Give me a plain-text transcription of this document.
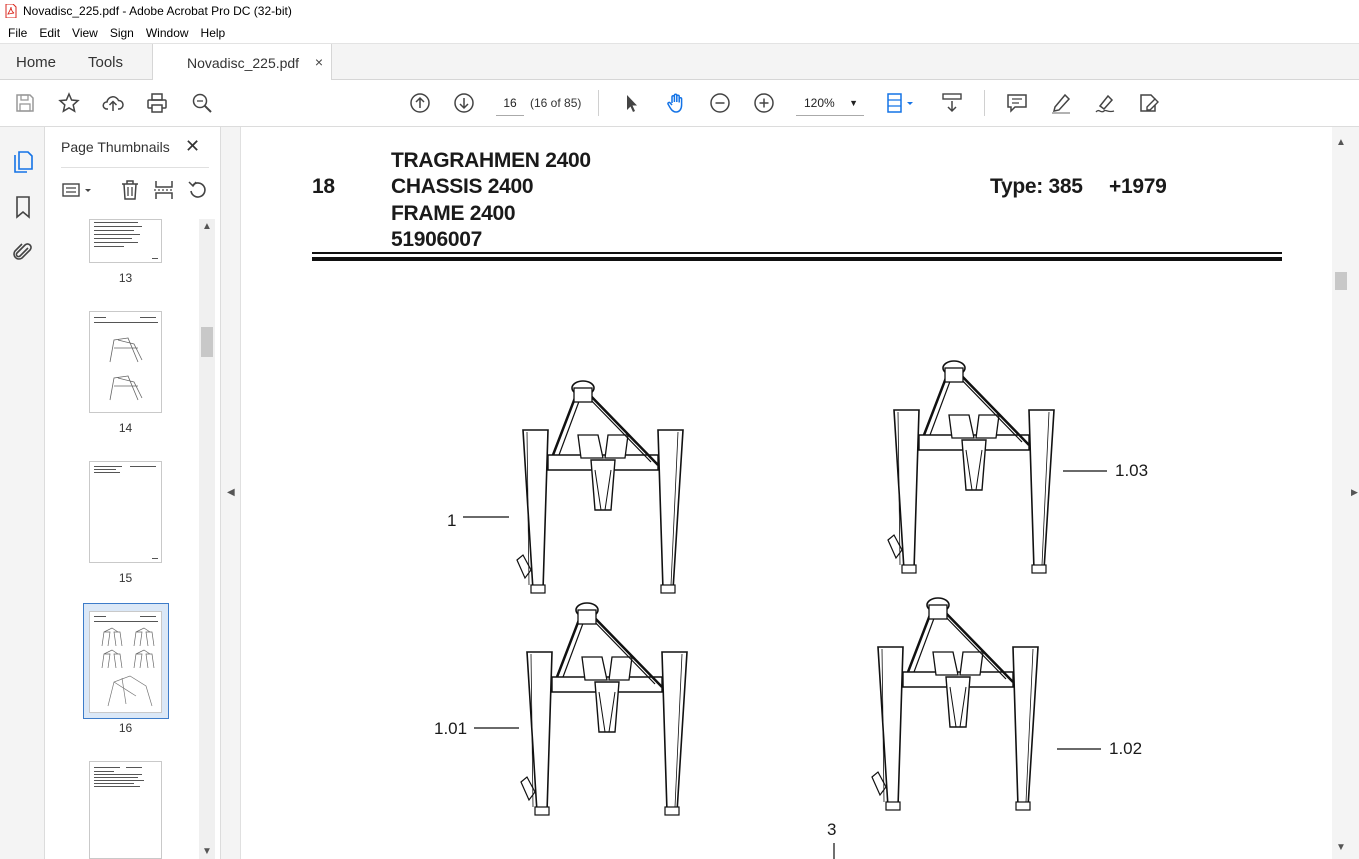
Novadisc_225.pdf - Adobe Acrobat Pro DC (32-bit)
File	Edit	View	Sign	Window	Help
Home Tools	Novadisc_225.pdf ×
16	(16 of 85)	120% ▼
Page Thumbnails ✕
13
14
15
16
▲
▼
◀
18
TRAGRAHMEN 2400
CHASSIS 2400
FRAME 2400
51906007
Type: 385 +1979
1
1.03
1.01
1.02
3
▲
▼
▶
